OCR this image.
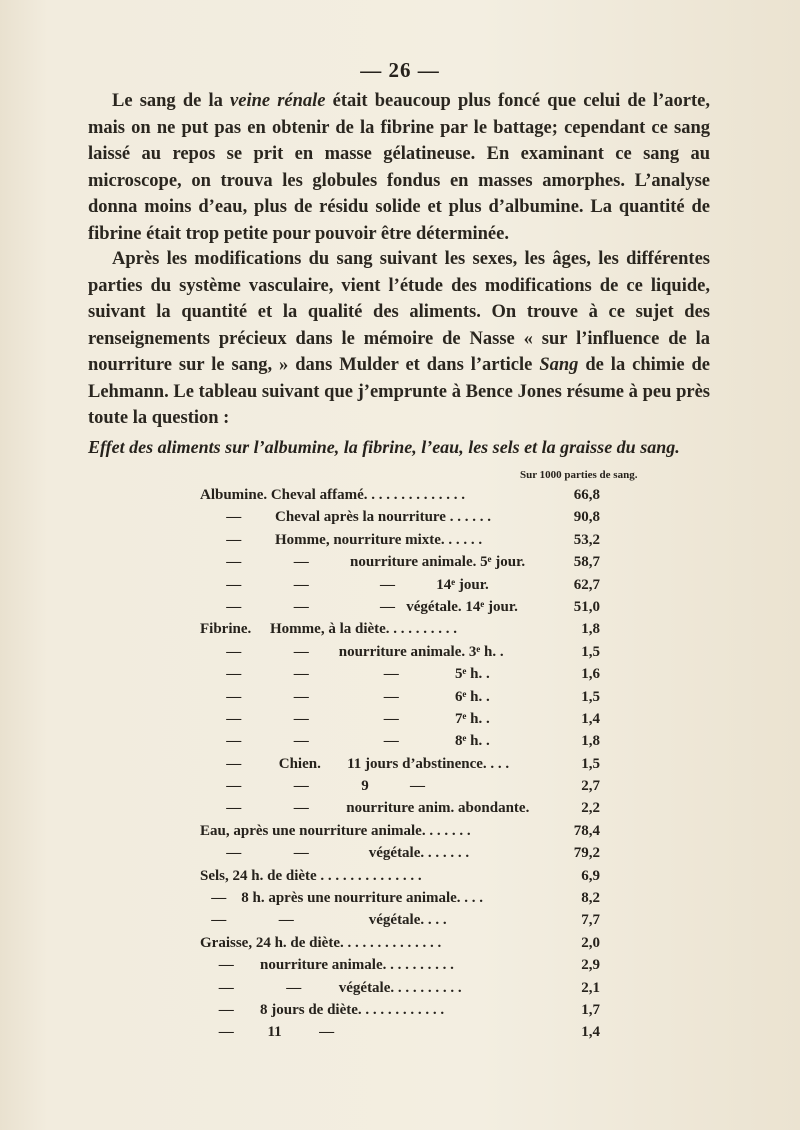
— 26 —
Le sang de la veine rénale était beaucoup plus foncé que celui de l’aorte, mais on ne put pas en obtenir de la fibrine par le battage; cependant ce sang laissé au repos se prit en masse gélatineuse. En examinant ce sang au microscope, on trouva les globules fondus en masses amorphes. L’analyse donna moins d’eau, plus de résidu solide et plus d’albumine. La quantité de fibrine était trop petite pour pouvoir être déterminée.
Après les modifications du sang suivant les sexes, les âges, les différentes parties du système vasculaire, vient l’étude des modifications de ce liquide, suivant la quantité et la qualité des aliments. On trouve à ce sujet des renseignements précieux dans le mémoire de Nasse « sur l’influence de la nourriture sur le sang, » dans Mulder et dans l’article Sang de la chimie de Lehmann. Le tableau suivant que j’emprunte à Bence Jones résume à peu près toute la question :
Effet des aliments sur l’albumine, la fibrine, l’eau, les sels et la graisse du sang.
Sur 1000 parties de sang.
Albumine. Cheval affamé. . . . . . . . . . . . . .	66,8
—         Cheval après la nourriture . . . . . .	90,8
—         Homme, nourriture mixte. . . . . .	53,2
—              —           nourriture animale. 5ᵉ jour.	58,7
—              —                   —           14ᵉ jour.	62,7
—              —                   —   végétale. 14ᵉ jour.	51,0
Fibrine.     Homme, à la diète. . . . . . . . . .	1,8
—              —        nourriture animale. 3ᵉ h. .	1,5
—              —                    —               5ᵉ h. .	1,6
—              —                    —               6ᵉ h. .	1,5
—              —                    —               7ᵉ h. .	1,4
—              —                    —               8ᵉ h. .	1,8
—          Chien.       11 jours d’abstinence. . . .	1,5
—              —              9           —	2,7
—              —          nourriture anim. abondante.	2,2
Eau, après une nourriture animale. . . . . . .	78,4
—              —                végétale. . . . . . .	79,2
Sels, 24 h. de diète . . . . . . . . . . . . . .	6,9
—    8 h. après une nourriture animale. . . .	8,2
—              —                    végétale. . . .	7,7
Graisse, 24 h. de diète. . . . . . . . . . . . . .	2,0
—       nourriture animale. . . . . . . . . .	2,9
—              —          végétale. . . . . . . . . .	2,1
—       8 jours de diète. . . . . . . . . . . .	1,7
—         11          —	1,4
